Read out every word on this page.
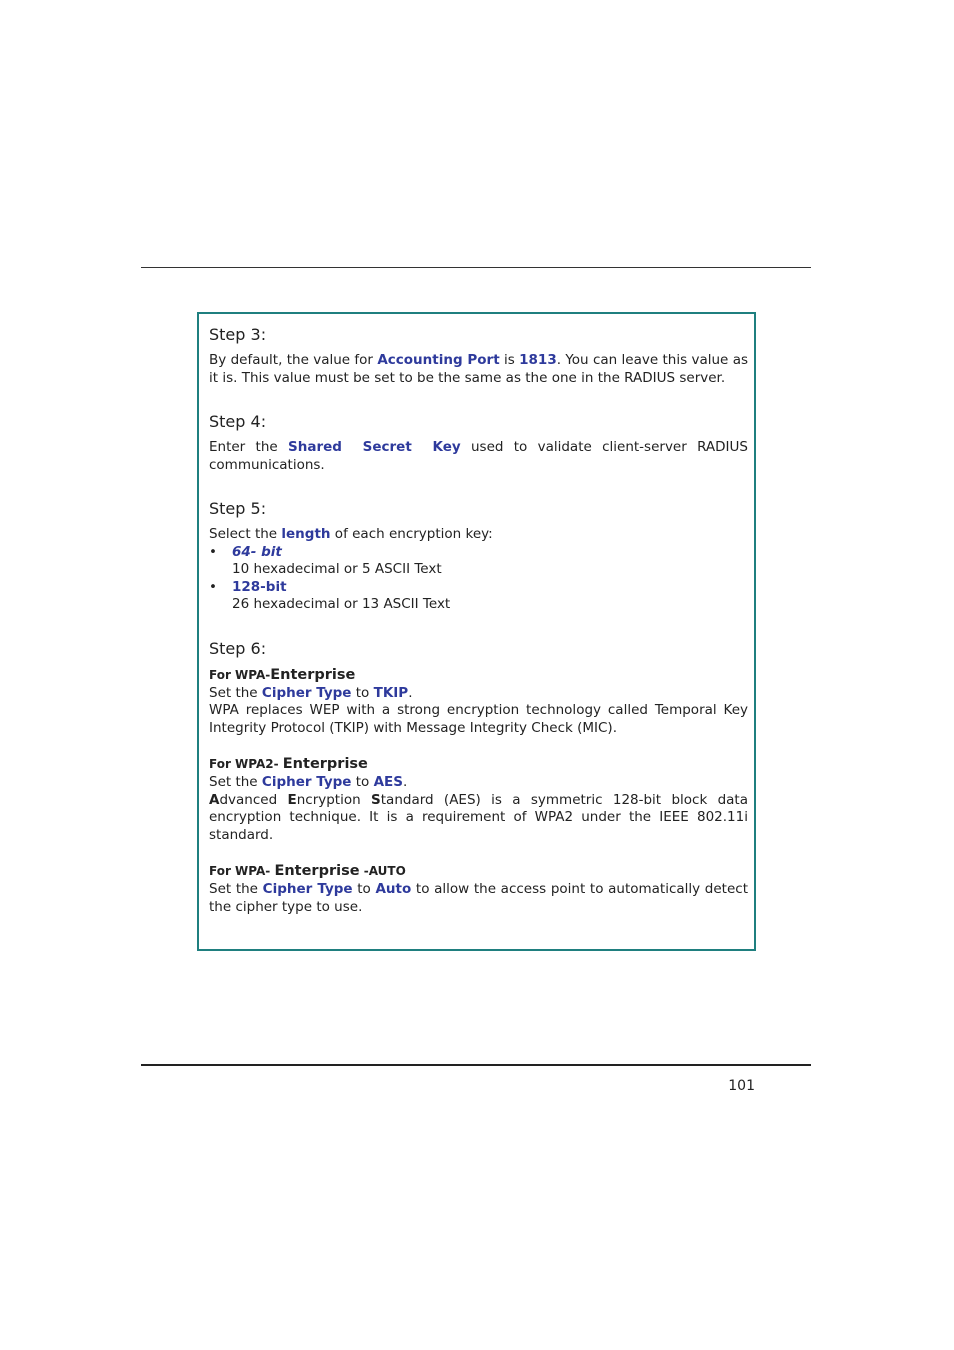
Step 3:

By default, the value for Accounting Port is 1813. You can leave this value as it is. This value must be set to be the same as the one in the RADIUS server.

Step 4:

Enter the Shared Secret Key used to validate client-server RADIUS communications.

Step 5:

Select the length of each encryption key:

• 64- bit
10 hexadecimal or 5 ASCII Text
• 128-bit
26 hexadecimal or 13 ASCII Text
Step 6:
For WPA-Enterprise

Set the Cipher Type to TKIP.

WPA replaces WEP with a strong encryption technology called Temporal Key Integrity Protocol (TKIP) with Message Integrity Check (MIC).

For WPA2- Enterprise

Set the Cipher Type to AES.

Advanced Encryption Standard (AES) is a symmetric 128-bit block data encryption technique. It is a requirement of WPA2 under the IEEE 802.11i standard.

For WPA- Enterprise -AUTO

Set the Cipher Type to Auto to allow the access point to automatically detect the cipher type to use.

101
